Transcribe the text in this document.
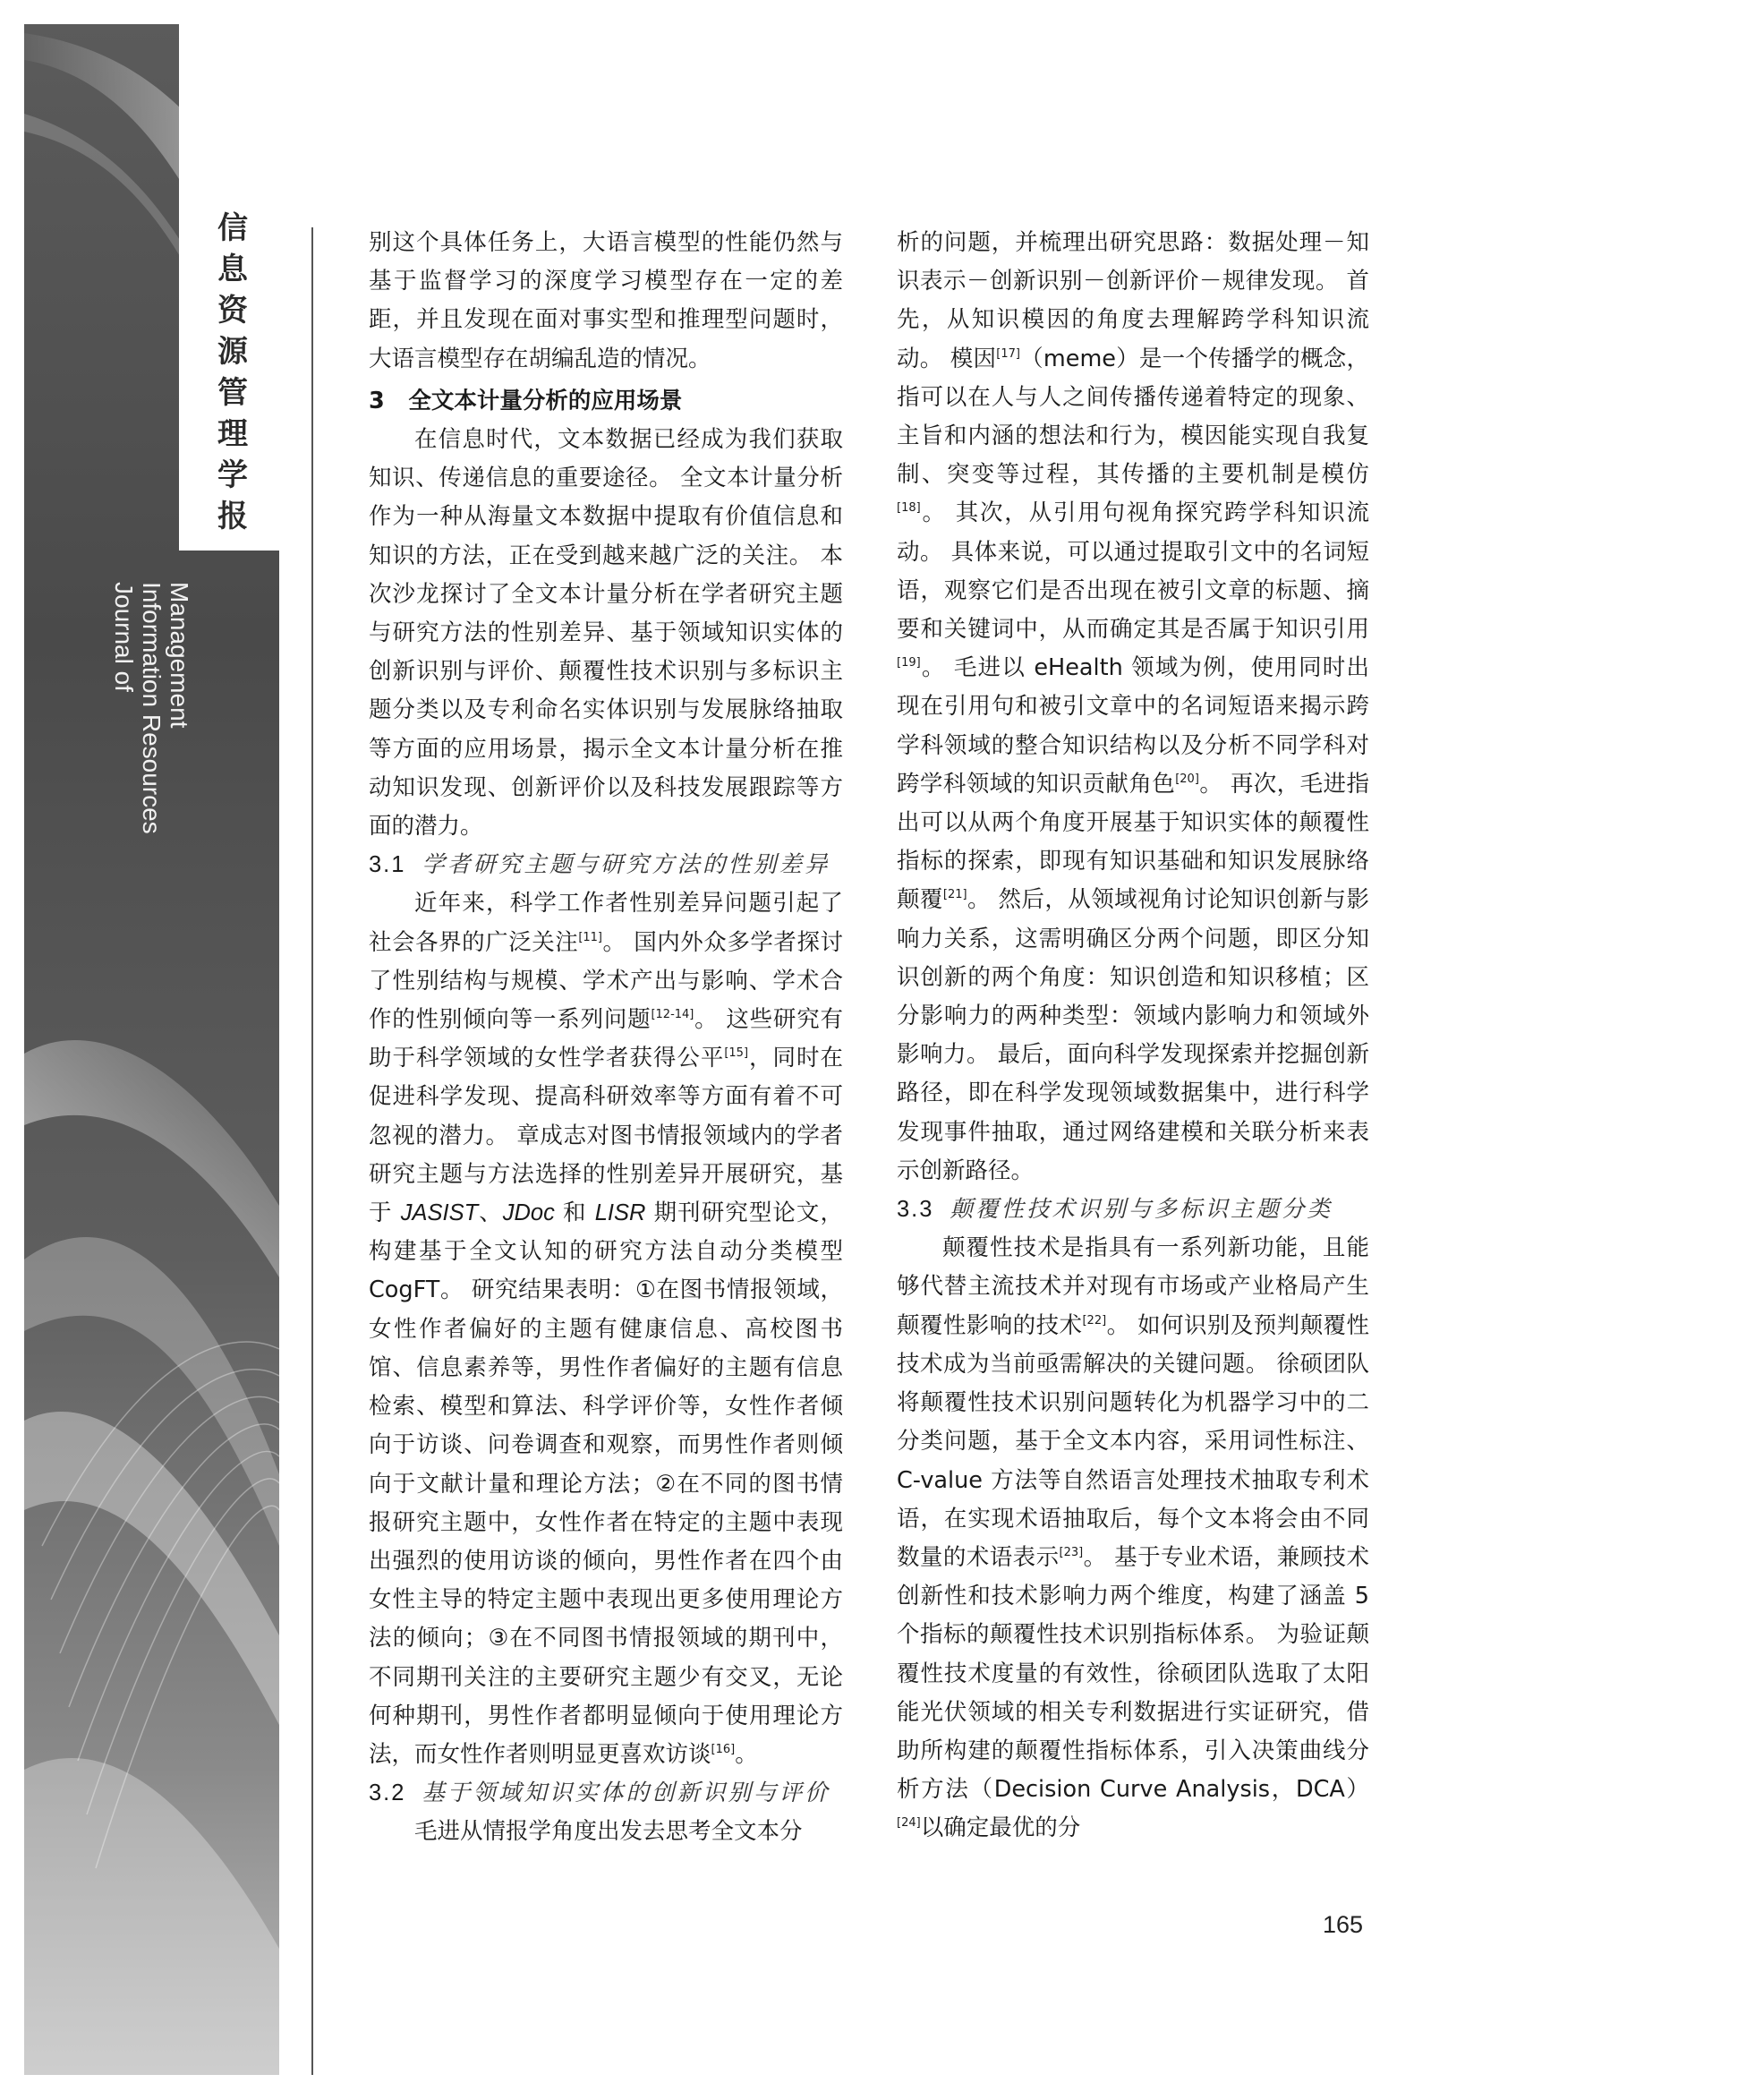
信
息
资
源
管
理
学
报
Management
Information Resources
Journal of

别这个具体任务上，大语言模型的性能仍然与基于监督学习的深度学习模型存在一定的差距，并且发现在面对事实型和推理型问题时，大语言模型存在胡编乱造的情况。

3 全文本计量分析的应用场景

在信息时代，文本数据已经成为我们获取知识、传递信息的重要途径。 全文本计量分析作为一种从海量文本数据中提取有价值信息和知识的方法，正在受到越来越广泛的关注。 本次沙龙探讨了全文本计量分析在学者研究主题与研究方法的性别差异、基于领域知识实体的创新识别与评价、颠覆性技术识别与多标识主题分类以及专利命名实体识别与发展脉络抽取等方面的应用场景，揭示全文本计量分析在推动知识发现、创新评价以及科技发展跟踪等方面的潜力。

3.1 学者研究主题与研究方法的性别差异

近年来，科学工作者性别差异问题引起了社会各界的广泛关注[11]。 国内外众多学者探讨了性别结构与规模、学术产出与影响、学术合作的性别倾向等一系列问题[12-14]。 这些研究有助于科学领域的女性学者获得公平[15]，同时在促进科学发现、提高科研效率等方面有着不可忽视的潜力。 章成志对图书情报领域内的学者研究主题与方法选择的性别差异开展研究，基于 JASIST、JDoc 和 LISR 期刊研究型论文，构建基于全文认知的研究方法自动分类模型 CogFT。 研究结果表明：①在图书情报领域，女性作者偏好的主题有健康信息、高校图书馆、信息素养等，男性作者偏好的主题有信息检索、模型和算法、科学评价等，女性作者倾向于访谈、问卷调查和观察，而男性作者则倾向于文献计量和理论方法；②在不同的图书情报研究主题中，女性作者在特定的主题中表现出强烈的使用访谈的倾向，男性作者在四个由女性主导的特定主题中表现出更多使用理论方法的倾向；③在不同图书情报领域的期刊中，不同期刊关注的主要研究主题少有交叉，无论何种期刊，男性作者都明显倾向于使用理论方法，而女性作者则明显更喜欢访谈[16]。

3.2 基于领域知识实体的创新识别与评价

毛进从情报学角度出发去思考全文本分

析的问题，并梳理出研究思路：数据处理－知识表示－创新识别－创新评价－规律发现。 首先，从知识模因的角度去理解跨学科知识流动。 模因[17]（meme）是一个传播学的概念，指可以在人与人之间传播传递着特定的现象、主旨和内涵的想法和行为，模因能实现自我复制、突变等过程，其传播的主要机制是模仿[18]。 其次，从引用句视角探究跨学科知识流动。 具体来说，可以通过提取引文中的名词短语，观察它们是否出现在被引文章的标题、摘要和关键词中，从而确定其是否属于知识引用[19]。 毛进以 eHealth 领域为例，使用同时出现在引用句和被引文章中的名词短语来揭示跨学科领域的整合知识结构以及分析不同学科对跨学科领域的知识贡献角色[20]。 再次，毛进指出可以从两个角度开展基于知识实体的颠覆性指标的探索，即现有知识基础和知识发展脉络颠覆[21]。 然后，从领域视角讨论知识创新与影响力关系，这需明确区分两个问题，即区分知识创新的两个角度：知识创造和知识移植；区分影响力的两种类型：领域内影响力和领域外影响力。 最后，面向科学发现探索并挖掘创新路径，即在科学发现领域数据集中，进行科学发现事件抽取，通过网络建模和关联分析来表示创新路径。

3.3 颠覆性技术识别与多标识主题分类

颠覆性技术是指具有一系列新功能，且能够代替主流技术并对现有市场或产业格局产生颠覆性影响的技术[22]。 如何识别及预判颠覆性技术成为当前亟需解决的关键问题。 徐硕团队将颠覆性技术识别问题转化为机器学习中的二分类问题，基于全文本内容，采用词性标注、C-value 方法等自然语言处理技术抽取专利术语，在实现术语抽取后，每个文本将会由不同数量的术语表示[23]。 基于专业术语，兼顾技术创新性和技术影响力两个维度，构建了涵盖 5 个指标的颠覆性技术识别指标体系。 为验证颠覆性技术度量的有效性，徐硕团队选取了太阳能光伏领域的相关专利数据进行实证研究，借助所构建的颠覆性指标体系，引入决策曲线分析方法（Decision Curve Analysis，DCA）[24]以确定最优的分

165
